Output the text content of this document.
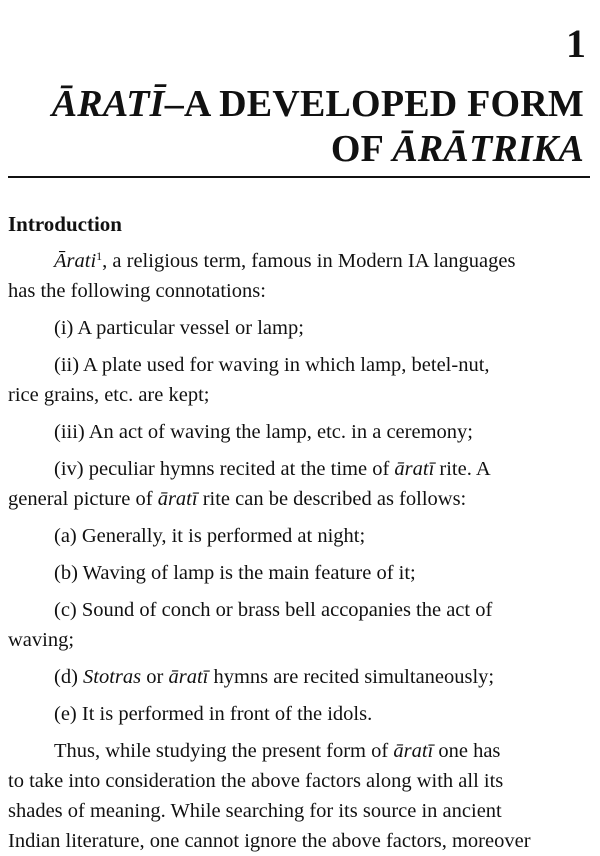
1
ĀRATĪ–A DEVELOPED FORM
OF ĀRĀTRIKA
Introduction
Ārati$^1$, a religious term, famous in Modern IA languages
has the following connotations:
(i) A particular vessel or lamp;
(ii) A plate used for waving in which lamp, betel-nut,
rice grains, etc. are kept;
(iii) An act of waving the lamp, etc. in a ceremony;
(iv) peculiar hymns recited at the time of āratī rite. A
general picture of āratī rite can be described as follows:
(a) Generally, it is performed at night;
(b) Waving of lamp is the main feature of it;
(c) Sound of conch or brass bell accopanies the act of
waving;
(d) Stotras or āratī hymns are recited simultaneously;
(e) It is performed in front of the idols.
Thus, while studying the present form of āratī one has
to take into consideration the above factors along with all its
shades of meaning. While searching for its source in ancient
Indian literature, one cannot ignore the above factors, moreover
